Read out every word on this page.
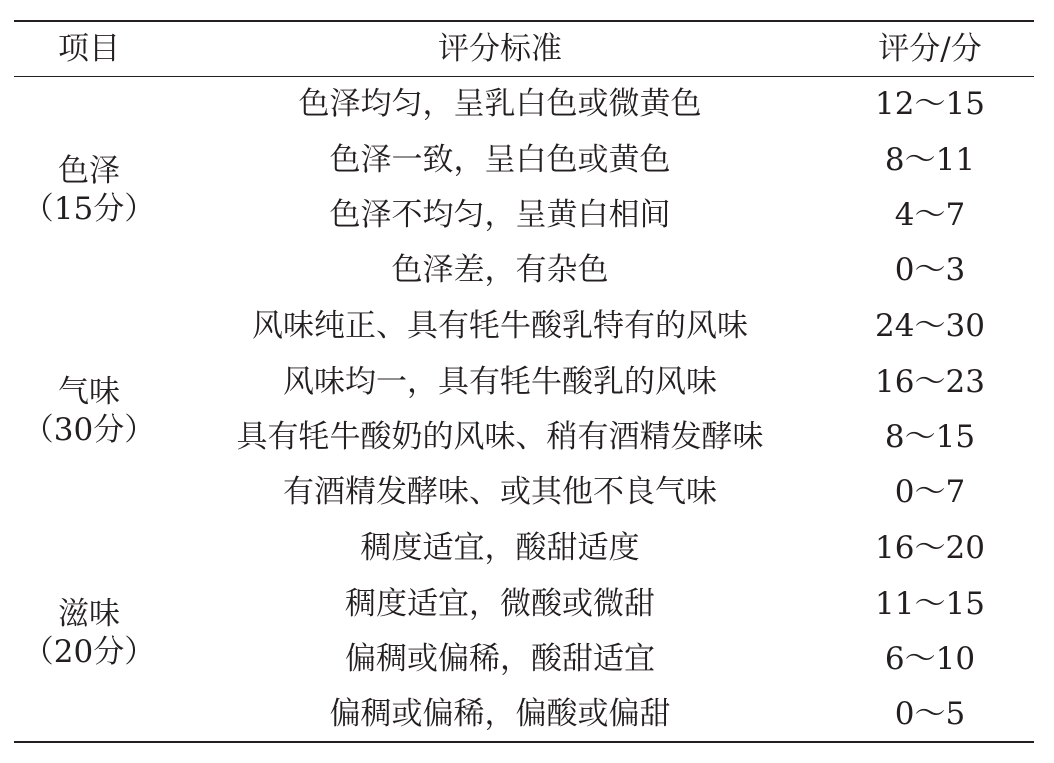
项目	评分标准	评分/分
色泽
（15分）
色泽均匀，呈乳白色或微黄色	12～15
色泽一致，呈白色或黄色	8～11
色泽不均匀，呈黄白相间	4～7
色泽差，有杂色	0～3
气味
（30分）
风味纯正、具有牦牛酸乳特有的风味	24～30
风味均一，具有牦牛酸乳的风味	16～23
具有牦牛酸奶的风味、稍有酒精发酵味	8～15
有酒精发酵味、或其他不良气味	0～7
滋味
（20分）
稠度适宜，酸甜适度	16～20
稠度适宜，微酸或微甜	11～15
偏稠或偏稀，酸甜适宜	6～10
偏稠或偏稀，偏酸或偏甜	0～5
